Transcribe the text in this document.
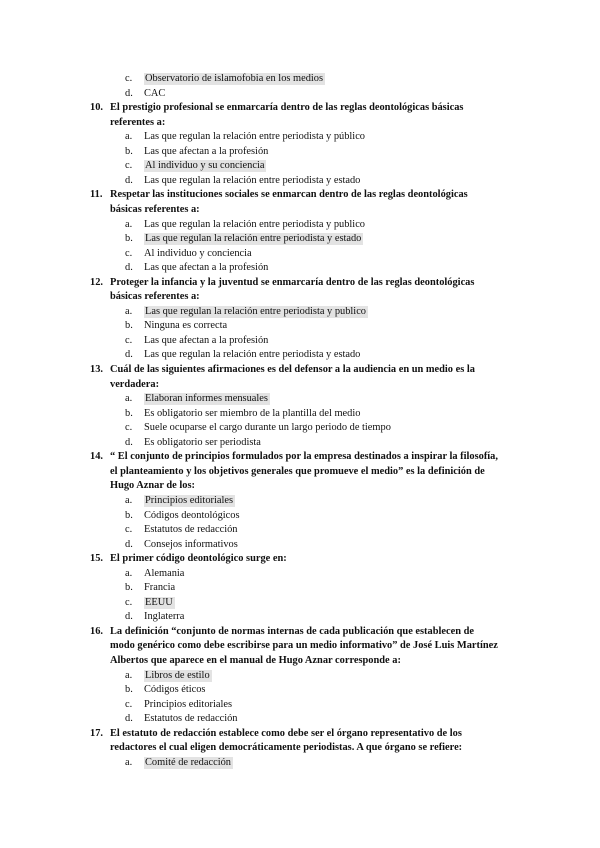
c. Observatorio de islamofobia en los medios
d. CAC
10. El prestigio profesional se enmarcaría dentro de las reglas deontológicas básicas
referentes a:
a. Las que regulan la relación entre periodista y público
b. Las que afectan a la profesión
c. Al individuo y su conciencia
d. Las que regulan la relación entre periodista y estado
11. Respetar las instituciones sociales se enmarcan dentro de las reglas deontológicas
básicas referentes a:
a. Las que regulan la relación entre periodista y publico
b. Las que regulan la relación entre periodista y estado
c. Al individuo y conciencia
d. Las que afectan a la profesión
12. Proteger la infancia y la juventud se enmarcaría dentro de las reglas deontológicas
básicas referentes a:
a. Las que regulan la relación entre periodista y publico
b. Ninguna es correcta
c. Las que afectan a la profesión
d. Las que regulan la relación entre periodista y estado
13. Cuál de las siguientes afirmaciones es del defensor a la audiencia en un medio es la
verdadera:
a. Elaboran informes mensuales
b. Es obligatorio ser miembro de la plantilla del medio
c. Suele ocuparse el cargo durante un largo periodo de tiempo
d. Es obligatorio ser periodista
14. “ El conjunto de principios formulados por la empresa destinados a inspirar la filosofía,
el planteamiento y los objetivos generales que promueve el medio” es la definición de
Hugo Aznar de los:
a. Principios editoriales
b. Códigos deontológicos
c. Estatutos de redacción
d. Consejos informativos
15. El primer código deontológico surge en:
a. Alemania
b. Francia
c. EEUU
d. Inglaterra
16. La definición “conjunto de normas internas de cada publicación que establecen de
modo genérico como debe escribirse para un medio informativo” de José Luis Martínez
Albertos que aparece en el manual de Hugo Aznar corresponde a:
a. Libros de estilo
b. Códigos éticos
c. Principios editoriales
d. Estatutos de redacción
17. El estatuto de redacción establece como debe ser el órgano representativo de los
redactores el cual eligen democráticamente periodistas. A que órgano se refiere:
a. Comité de redacción
